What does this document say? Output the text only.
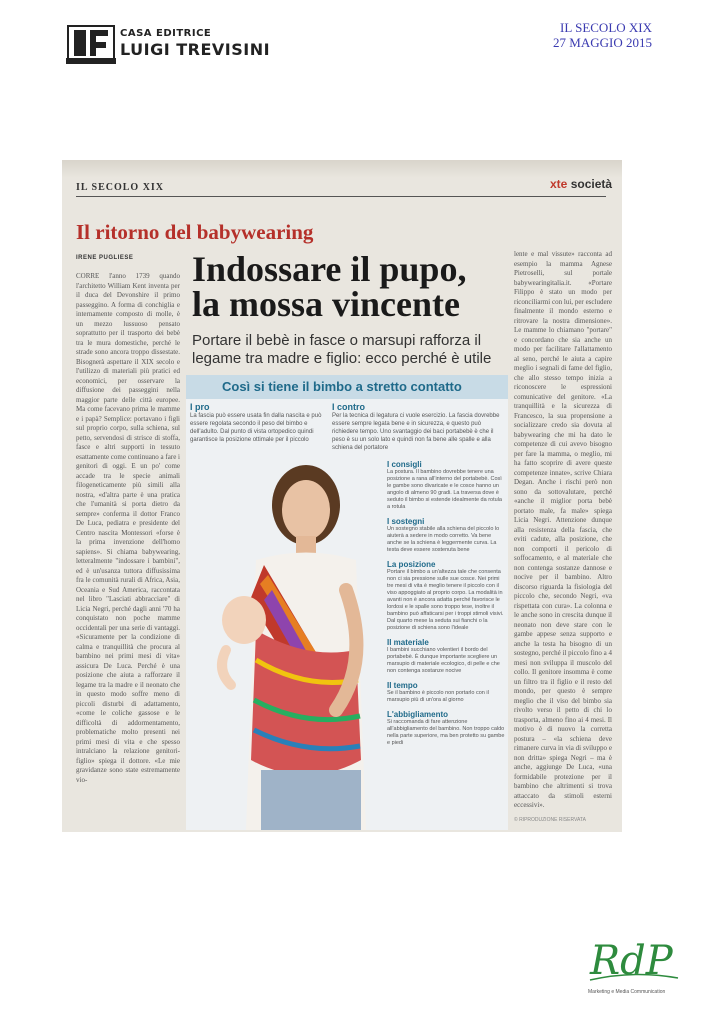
CASA EDITRICE
LUIGI TREVISINI
IL SECOLO XIX
27 MAGGIO 2015
IL SECOLO XIX	xte società
Il ritorno del babywearing
IRENE PUGLIESE
CORRE l'anno 1739 quando l'architetto William Kent inventa per il duca del Devonshire il primo passeggino. A forma di conchiglia e internamente composto di molle, è un mezzo lussuoso pensato soprattutto per il trasporto dei bebè tra le mura domestiche, perché le strade sono ancora troppo dissestate. Bisognerà aspettare il XIX secolo e l'utilizzo di materiali più pratici ed economici, per osservare la diffusione dei passeggini nella maggior parte delle città europee. Ma come facevano prima le mamme e i papà? Semplice: portavano i figli sul proprio corpo, sulla schiena, sul petto, servendosi di strisce di stoffa, fasce e altri supporti in tessuto esattamente come continuano a fare i genitori di oggi. E un po' come accade tra le specie animali filogeneticamente più simili alla nostra, «d'altra parte è una pratica che l'umanità si porta dietro da sempre» conferma il dottor Franco De Luca, pediatra e presidente del Centro nascita Montessori «forse è la prima invenzione dell'homo sapiens». Si chiama babywearing, letteralmente "indossare i bambini", ed è un'usanza tuttora diffusissima fra le comunità rurali di Africa, Asia, Oceania e Sud America, raccontata nel libro "Lasciati abbracciare" di Licia Negri, perché dagli anni '70 ha conquistato non poche mamme occidentali per una serie di vantaggi. «Sicuramente per la condizione di calma e tranquillità che procura al bambino nei primi mesi di vita» assicura De Luca. Perché è una posizione che aiuta a rafforzare il legame tra la madre e il neonato che in questo modo soffre meno di piccoli disturbi di adattamento, «come le coliche gassose e le difficoltà di addormentamento, problematiche molto presenti nei primi mesi di vita e che spesso intralciano la relazione genitori-figlio» spiega il dottore. «Le mie gravidanze sono state estremamente vio-
Indossare il pupo,
la mossa vincente
Portare il bebè in fasce o marsupi rafforza il legame tra madre e figlio: ecco perché è utile
Così si tiene il bimbo a stretto contatto
I pro
La fascia può essere usata fin dalla nascita e può essere regolata secondo il peso del bimbo e dell'adulto. Dal punto di vista ortopedico quindi garantisce la posizione ottimale per il piccolo
I contro
Per la tecnica di legatura ci vuole esercizio. La fascia dovrebbe essere sempre legata bene e in sicurezza, e questo può richiedere tempo. Uno svantaggio dei baci portabebè è che il peso è su un solo lato e quindi non fa bene alle spalle e alla schiena del portatore
I consigli
La postura. Il bambino dovrebbe tenere una posizione a rana all'interno del portabebè. Così le gambe sono divaricate e le cosce hanno un angolo di almeno 90 gradi. La traversa dove è seduto il bimbo si estende idealmente da rotula a rotula
I sostegni
Un sostegno stabile alla schiena del piccolo lo aiuterà a sedere in modo corretto. Va bene anche se la schiena è leggermente curva. La testa deve essere sostenuta bene
La posizione
Portare il bimbo a un'altezza tale che consenta non ci sia pressione sulle sue cosce. Nei primi tre mesi di vita è meglio tenere il piccolo con il viso appoggiato al proprio corpo. La modalità in avanti non è ancora adatta perché favorisce le lordosi e le spalle sono troppo tese, inoltre il bambino può affaticarsi per i troppi stimoli visivi. Dal quarto mese la seduta sui fianchi o la posizione di schiena sono l'ideale
Il materiale
I bambini succhiano volentieri il bordo del portabebè. È dunque importante scegliere un marsupio di materiale ecologico, di pelle e che non contenga sostanze nocive
Il tempo
Se il bambino è piccolo non portarlo con il marsupio più di un'ora al giorno
L'abbigliamento
Si raccomanda di fare attenzione all'abbigliamento del bambino. Non troppo caldo nella parte superiore, ma ben protetto su gambe e piedi
lente e mal vissute» racconta ad esempio la mamma Agnese Pietroselli, sul portale babywearingitalia.it. «Portare Filippo è stato un modo per riconciliarmi con lui, per escludere finalmente il mondo esterno e ritrovare la nostra dimensione». Le mamme lo chiamano "portare" e concordano che sia anche un modo per facilitare l'allattamento al seno, perché le aiuta a capire meglio i segnali di fame del figlio, che allo stesso tempo inizia a riconoscere le espressioni comunicative del genitore. «La tranquillità e la sicurezza di Francesco, la sua propensione a socializzare credo sia dovuta al babywearing che mi ha dato le competenze di cui avevo bisogno per fare la mamma, o meglio, mi ha fatto scoprire di avere queste competenze innate», scrive Chiara Degan. Anche i rischi però non sono da sottovalutare, perché «anche il miglior porta bebè portato male, fa male» spiega Licia Negri. Attenzione dunque alla resistenza della fascia, che eviti cadute, alla posizione, che non comporti il pericolo di soffocamento, e al materiale che non contenga sostanze dannose e nocive per il bambino. Altro discorso riguarda la fisiologia del piccolo che, secondo Negri, «va rispettata con cura». La colonna e le anche sono in crescita dunque il neonato non deve stare con le gambe appese senza supporto e anche la testa ha bisogno di un sostegno, perché il piccolo fino a 4 mesi non sviluppa il muscolo del collo. Il genitore insomma è come un filtro tra il figlio e il resto del mondo, per questo è sempre meglio che il viso del bimbo sia rivolto verso il petto di chi lo trasporta, almeno fino ai 4 mesi. Il motivo è di nuovo la corretta postura – «la schiena deve rimanere curva in via di sviluppo e non dritta» spiega Negri – ma è anche, aggiunge De Luca, «una formidabile protezione per il bambino che altrimenti si trova attaccato da stimoli esterni eccessivi».
© RIPRODUZIONE RISERVATA
RdP
Marketing e Media Communication
